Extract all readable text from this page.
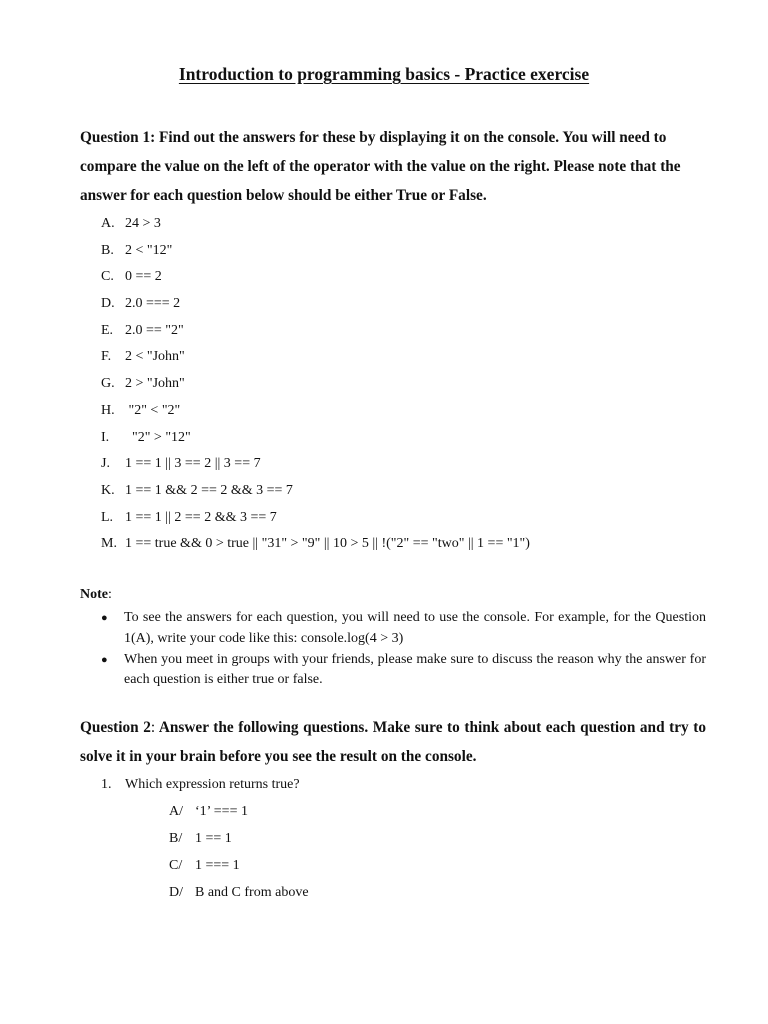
Introduction to programming basics - Practice exercise
Question 1: Find out the answers for these by displaying it on the console. You will need to compare the value on the left of the operator with the value on the right. Please note that the answer for each question below should be either True or False.
A. 24 > 3
B. 2 < "12"
C. 0 == 2
D. 2.0 === 2
E. 2.0 == "2"
F. 2 < "John"
G. 2 > "John"
H. "2" < "2"
I.  "2" > "12"
J. 1 == 1 || 3 == 2 || 3 == 7
K. 1 == 1 && 2 == 2 && 3 == 7
L. 1 == 1 || 2 == 2 && 3 == 7
M. 1 == true && 0 > true || "31" > "9" || 10 > 5 || !("2" == "two" || 1 == "1")
Note:
● To see the answers for each question, you will need to use the console. For example, for the Question 1(A), write your code like this: console.log(4 > 3)
● When you meet in groups with your friends, please make sure to discuss the reason why the answer for each question is either true or false.
Question 2: Answer the following questions. Make sure to think about each question and try to solve it in your brain before you see the result on the console.
1. Which expression returns true?
A/ ‘1’ === 1
B/ 1 == 1
C/ 1 === 1
D/ B and C from above
